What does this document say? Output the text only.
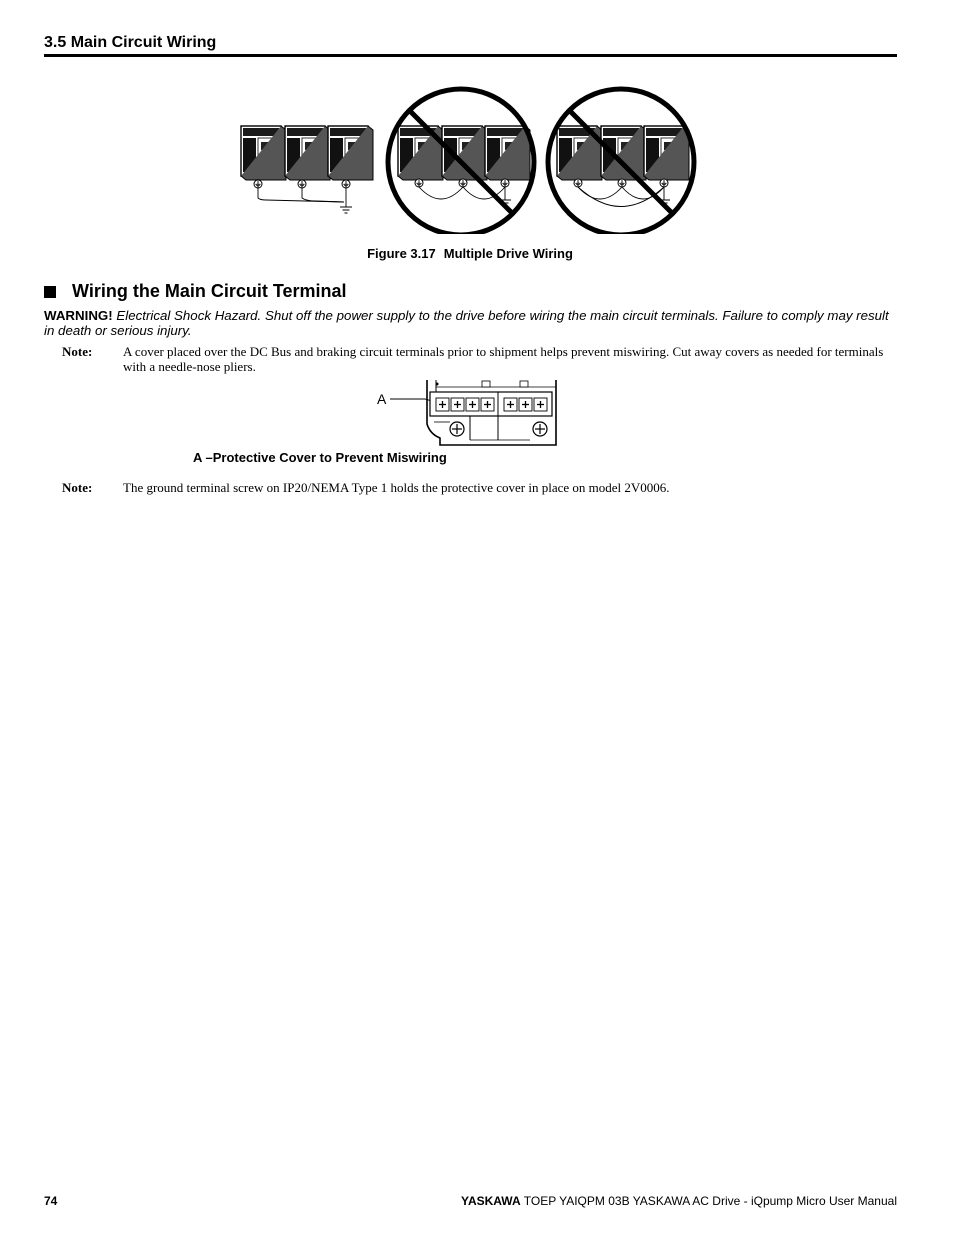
3.5 Main Circuit Wiring
Figure 3.17 Multiple Drive Wiring
Wiring the Main Circuit Terminal
WARNING! Electrical Shock Hazard. Shut off the power supply to the drive before wiring the main circuit terminals. Failure to comply may result in death or serious injury.
Note:	A cover placed over the DC Bus and braking circuit terminals prior to shipment helps prevent miswiring. Cut away covers as needed for terminals with a needle-nose pliers.
A
A –Protective Cover to Prevent Miswiring
Note:	The ground terminal screw on IP20/NEMA Type 1 holds the protective cover in place on model 2V0006.
74	YASKAWA TOEP YAIQPM 03B YASKAWA AC Drive - iQpump Micro User Manual
